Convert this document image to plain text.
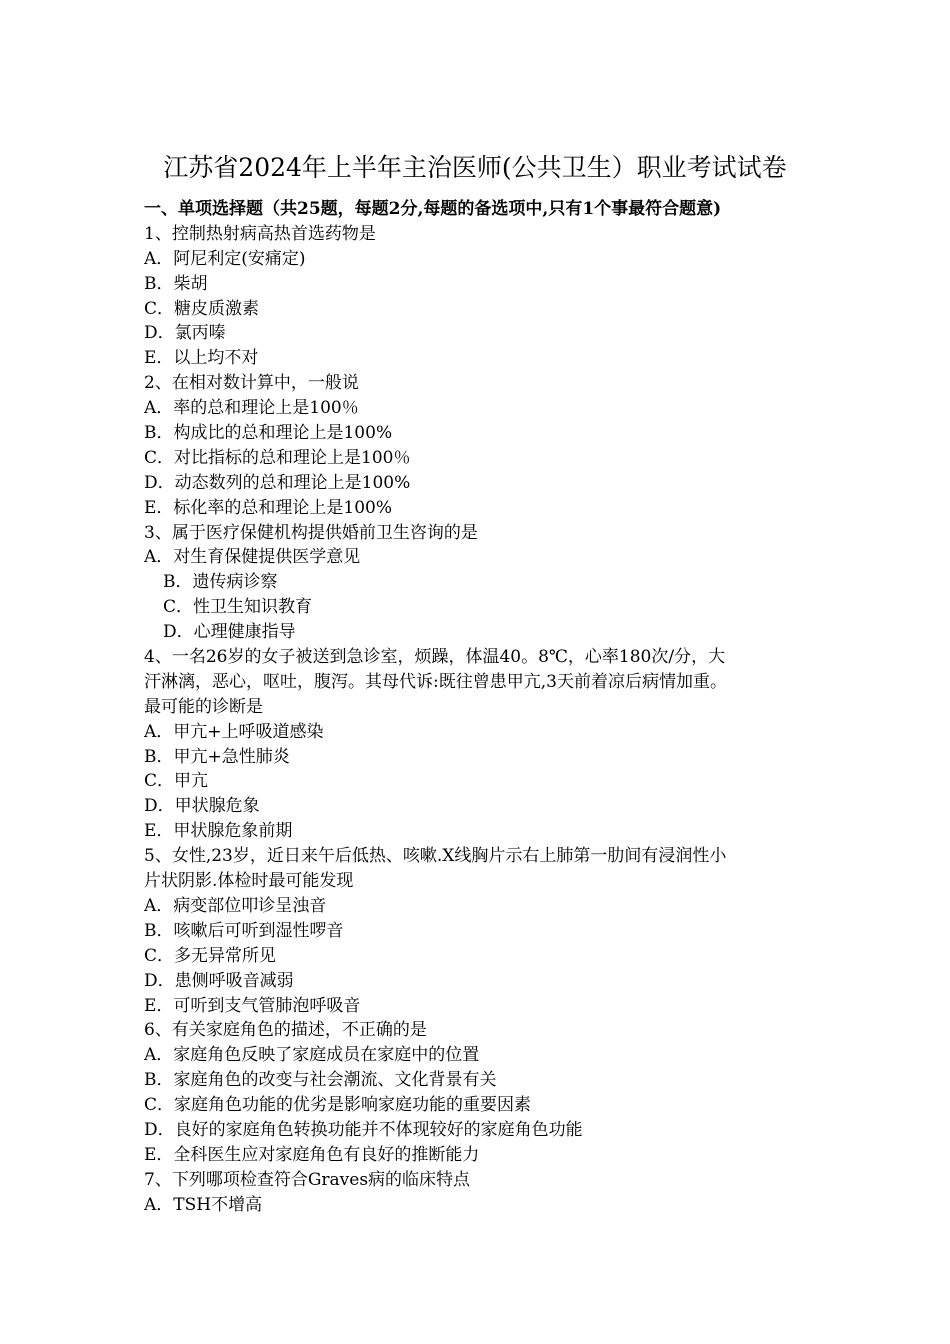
江苏省2024年上半年主治医师(公共卫生）职业考试试卷
一、单项选择题（共25题，每题2分,每题的备选项中,只有1个事最符合题意)
1、控制热射病高热首选药物是
A．阿尼利定(安痛定)
B．柴胡
C．糖皮质激素
D．氯丙嗪
E．以上均不对
2、在相对数计算中，一般说
A．率的总和理论上是100％
B．构成比的总和理论上是100%
C．对比指标的总和理论上是100％
D．动态数列的总和理论上是100%
E．标化率的总和理论上是100%
3、属于医疗保健机构提供婚前卫生咨询的是
A．对生育保健提供医学意见
B．遗传病诊察
C．性卫生知识教育
D．心理健康指导
4、一名26岁的女子被送到急诊室，烦躁，体温40。8℃，心率180次/分，大
汗淋漓，恶心，呕吐，腹泻。其母代诉:既往曾患甲亢,3天前着凉后病情加重。
最可能的诊断是
A．甲亢+上呼吸道感染
B．甲亢+急性肺炎
C．甲亢
D．甲状腺危象
E．甲状腺危象前期
5、女性,23岁，近日来午后低热、咳嗽.X线胸片示右上肺第一肋间有浸润性小
片状阴影.体检时最可能发现
A．病变部位叩诊呈浊音
B．咳嗽后可听到湿性啰音
C．多无异常所见
D．患侧呼吸音减弱
E．可听到支气管肺泡呼吸音
6、有关家庭角色的描述，不正确的是
A．家庭角色反映了家庭成员在家庭中的位置
B．家庭角色的改变与社会潮流、文化背景有关
C．家庭角色功能的优劣是影响家庭功能的重要因素
D．良好的家庭角色转换功能并不体现较好的家庭角色功能
E．全科医生应对家庭角色有良好的推断能力
7、下列哪项检查符合Graves病的临床特点
A．TSH不增高
